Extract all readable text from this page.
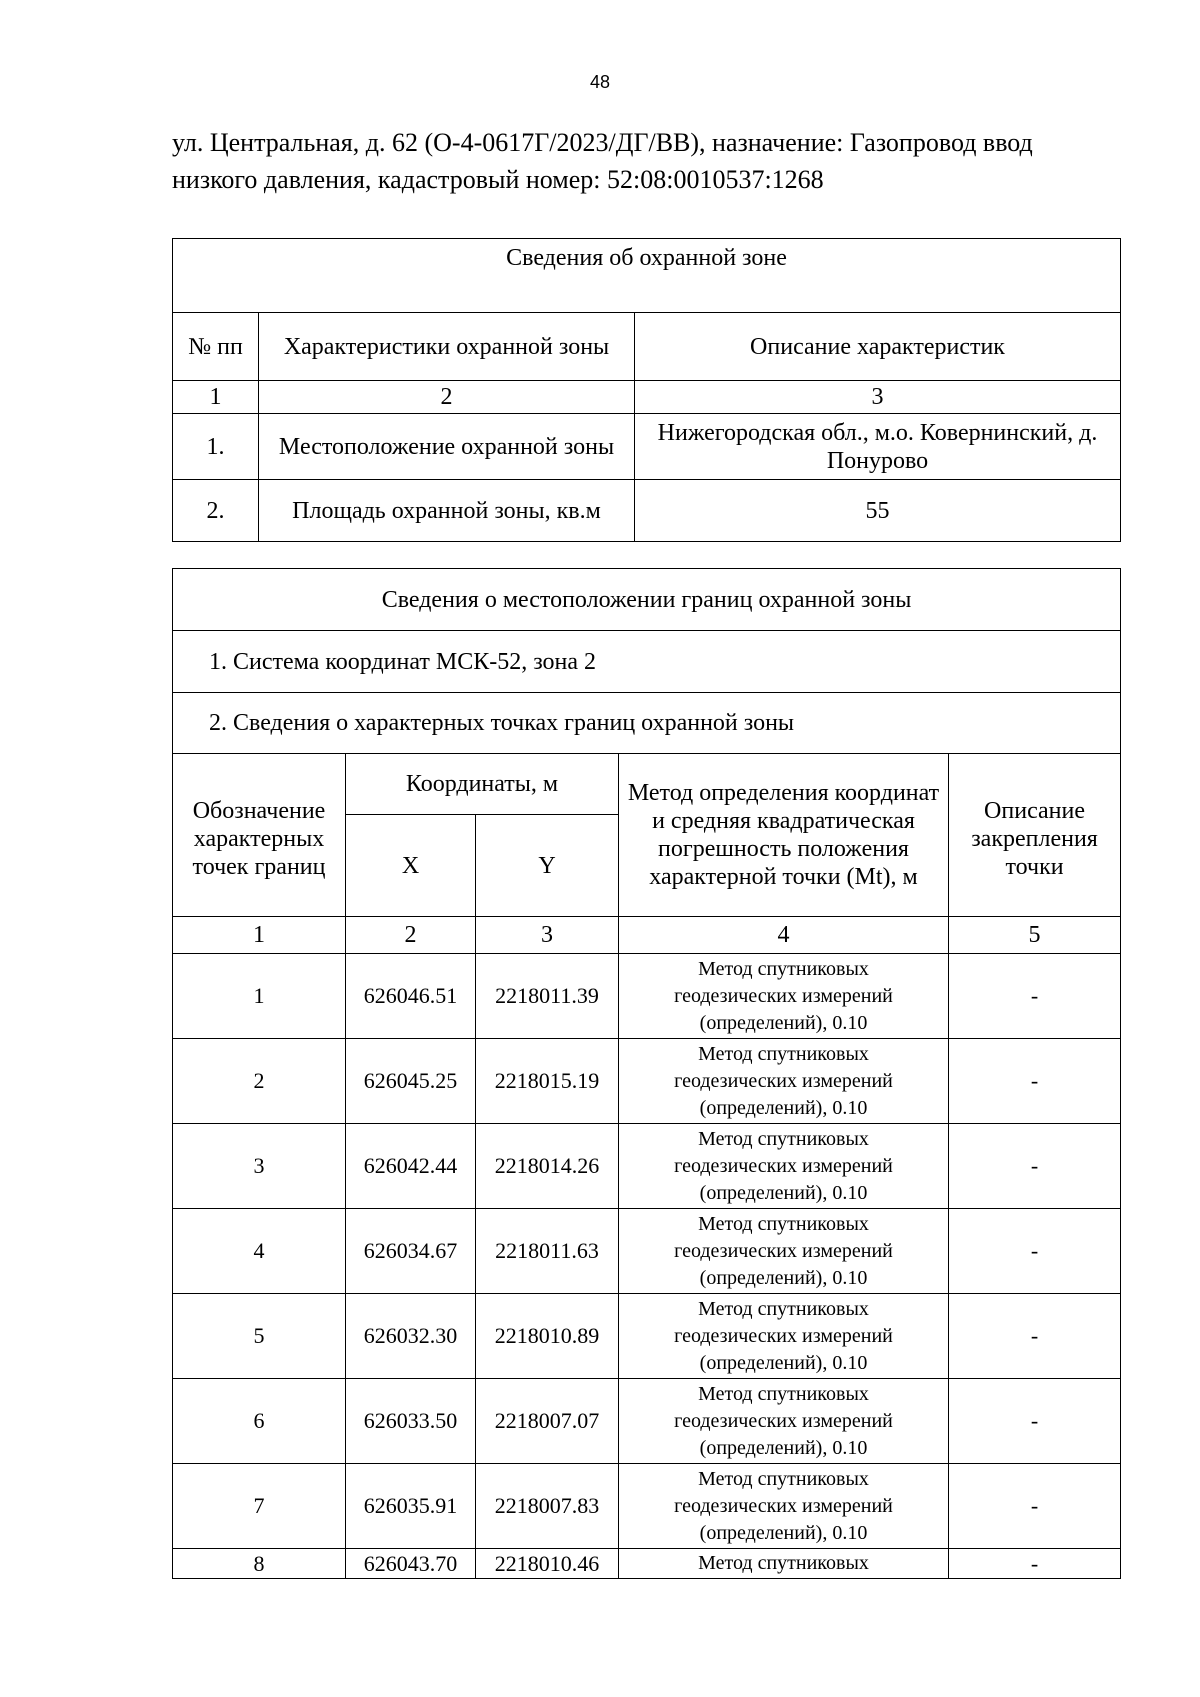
48

ул. Центральная, д. 62 (О-4-0617Г/2023/ДГ/ВВ), назначение: Газопровод ввод

низкого давления, кадастровый номер: 52:08:0010537:1268

Сведения об охранной зоне		
№ пп	Характеристики охранной зоны	Описание характеристик
1	2	3
1.	Местоположение охранной зоны	Нижегородская обл., м.о. Ковернинский, д. Понурово
2.	Площадь охранной зоны, кв.м	55
Сведения о местоположении границ охранной зоны				
1. Система координат МСК-52, зона 2				
2. Сведения о характерных точках границ охранной зоны				
Обозначение характерных точек границ	Координаты, м		Метод определения координат и средняя квадратическая погрешность положения характерной точки (Mt), м	Описание закрепления точки
	X	Y		
1	2	3	4	5
1	626046.51	2218011.39	Метод спутниковых
геодезических измерений
(определений), 0.10	-
2	626045.25	2218015.19	Метод спутниковых
геодезических измерений
(определений), 0.10	-
3	626042.44	2218014.26	Метод спутниковых
геодезических измерений
(определений), 0.10	-
4	626034.67	2218011.63	Метод спутниковых
геодезических измерений
(определений), 0.10	-
5	626032.30	2218010.89	Метод спутниковых
геодезических измерений
(определений), 0.10	-
6	626033.50	2218007.07	Метод спутниковых
геодезических измерений
(определений), 0.10	-
7	626035.91	2218007.83	Метод спутниковых
геодезических измерений
(определений), 0.10	-
8	626043.70	2218010.46	Метод спутниковых	-
